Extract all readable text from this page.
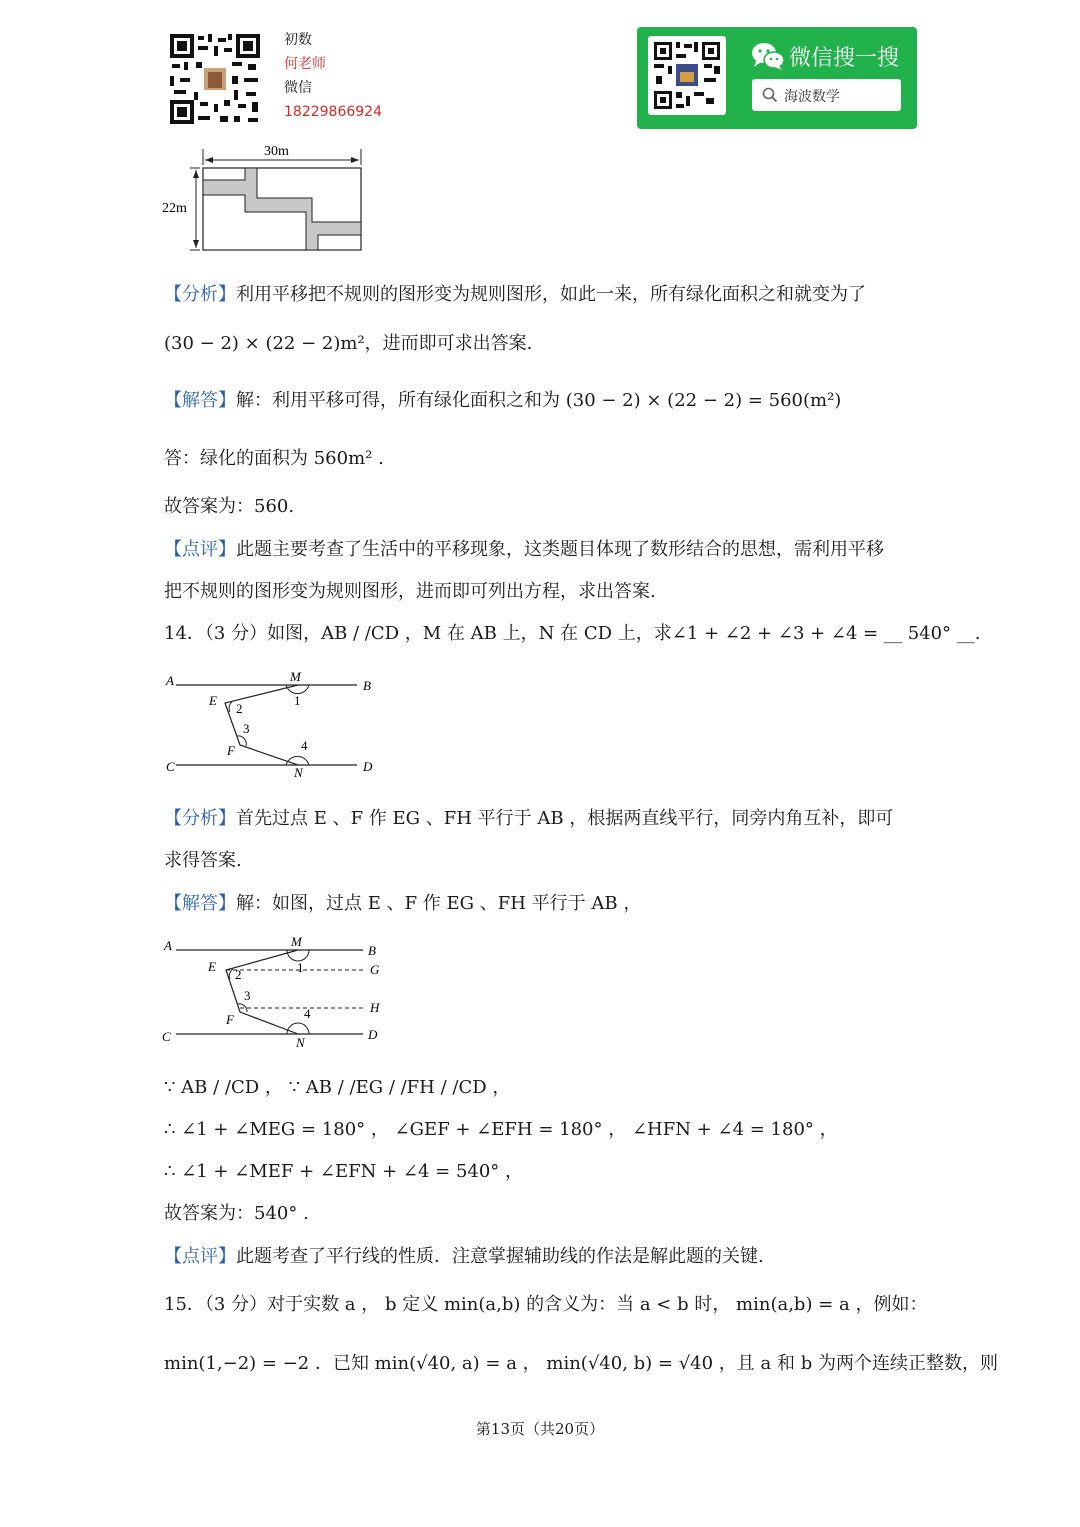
初数
何老师
微信
18229866924
微信搜一搜
海波数学
30m
22m
【分析】利用平移把不规则的图形变为规则图形，如此一来，所有绿化面积之和就变为了
(30 − 2) × (22 − 2)m²，进而即可求出答案.
【解答】解：利用平移可得，所有绿化面积之和为 (30 − 2) × (22 − 2) = 560(m²)
答：绿化的面积为 560m² .
故答案为：560.
【点评】此题主要考查了生活中的平移现象，这类题目体现了数形结合的思想，需利用平移
把不规则的图形变为规则图形，进而即可列出方程，求出答案.
14．（3 分）如图，AB / /CD ，M 在 AB 上，N 在 CD 上，求∠1 + ∠2 + ∠3 + ∠4 = __ 540° __.
A	M
B
E
2
1
3
F	4
C	N	D
【分析】首先过点 E 、F 作 EG 、FH 平行于 AB ，根据两直线平行，同旁内角互补，即可
求得答案.
【解答】解：如图，过点 E 、F 作 EG 、FH 平行于 AB ，
A	M
B
E
2	1	G
3
H
4
F
C	N
D
∵ AB / /CD ， ∵ AB / /EG / /FH / /CD ，
∴ ∠1 + ∠MEG = 180° ， ∠GEF + ∠EFH = 180° ， ∠HFN + ∠4 = 180° ，
∴ ∠1 + ∠MEF + ∠EFN + ∠4 = 540° ，
故答案为：540° .
【点评】此题考查了平行线的性质．注意掌握辅助线的作法是解此题的关键.
15．（3 分）对于实数 a ， b 定义 min(a,b) 的含义为：当 a < b 时， min(a,b) = a ，例如：
min(1,−2) = −2 ．已知 min(√40, a) = a ， min(√40, b) = √40 ，且 a 和 b 为两个连续正整数，则
第13页（共20页）
